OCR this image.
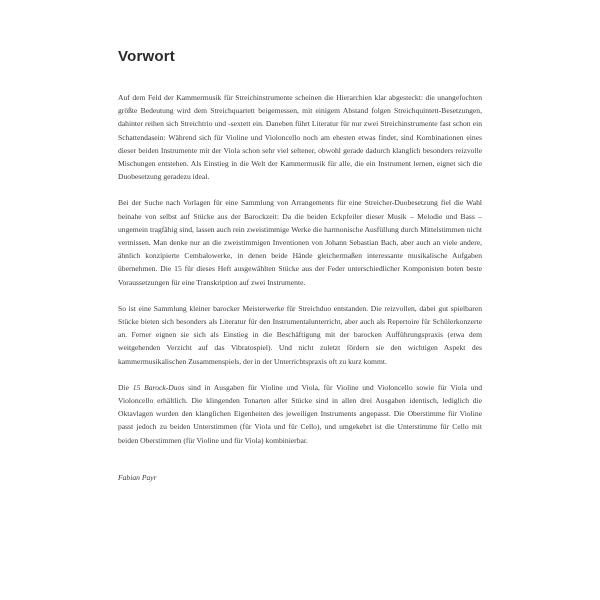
Vorwort

Auf dem Feld der Kammermusik für Streichinstrumente scheinen die Hierarchien klar abgesteckt: die unangefochten größte Bedeutung wird dem Streichquartett beigemessen, mit einigem Abstand folgen Streichquintett-Besetzungen, dahinter reihen sich Streichtrio und -sextett ein. Daneben führt Literatur für nur zwei Streichinstrumente fast schon ein Schattendasein: Während sich für Violine und Violoncello noch am ehesten etwas findet, sind Kombinationen eines dieser beiden Instrumente mit der Viola schon sehr viel seltener, obwohl gerade dadurch klanglich besonders reizvolle Mischungen entstehen. Als Einstieg in die Welt der Kammermusik für alle, die ein Instrument lernen, eignet sich die Duobesetzung geradezu ideal.

Bei der Suche nach Vorlagen für eine Sammlung von Arrangements für eine Streicher-Duobesetzung fiel die Wahl beinahe von selbst auf Stücke aus der Barockzeit: Da die beiden Eckpfeiler dieser Musik – Melodie und Bass – ungemein tragfähig sind, lassen auch rein zweistimmige Werke die harmonische Ausfüllung durch Mittelstimmen nicht vermissen. Man denke nur an die zweistimmigen Inventionen von Johann Sebastian Bach, aber auch an viele andere, ähnlich konzipierte Cembalowerke, in denen beide Hände gleichermaßen interessante musikalische Aufgaben übernehmen. Die 15 für dieses Heft ausgewählten Stücke aus der Feder unterschiedlicher Komponisten boten beste Voraussetzungen für eine Transkription auf zwei Instrumente.

So ist eine Sammlung kleiner barocker Meisterwerke für Streichduo entstanden. Die reizvollen, dabei gut spielbaren Stücke bieten sich besonders als Literatur für den Instrumentalunterricht, aber auch als Repertoire für Schülerkonzerte an. Ferner eignen sie sich als Einstieg in die Beschäftigung mit der barocken Aufführungspraxis (etwa dem weitgehenden Verzicht auf das Vibratospiel). Und nicht zuletzt fördern sie den wichtigen Aspekt des kammermusikalischen Zusammenspiels, der in der Unterrichtspraxis oft zu kurz kommt.

Die 15 Barock-Duos sind in Ausgaben für Violine und Viola, für Violine und Violoncello sowie für Viola und Violoncello erhältlich. Die klingenden Tonarten aller Stücke sind in allen drei Ausgaben identisch, lediglich die Oktavlagen wurden den klanglichen Eigenheiten des jeweiligen Instruments angepasst. Die Oberstimme für Violine passt jedoch zu beiden Unterstimmen (für Viola und für Cello), und umgekehrt ist die Unterstimme für Cello mit beiden Oberstimmen (für Violine und für Viola) kombinierbar.

Fabian Payr
